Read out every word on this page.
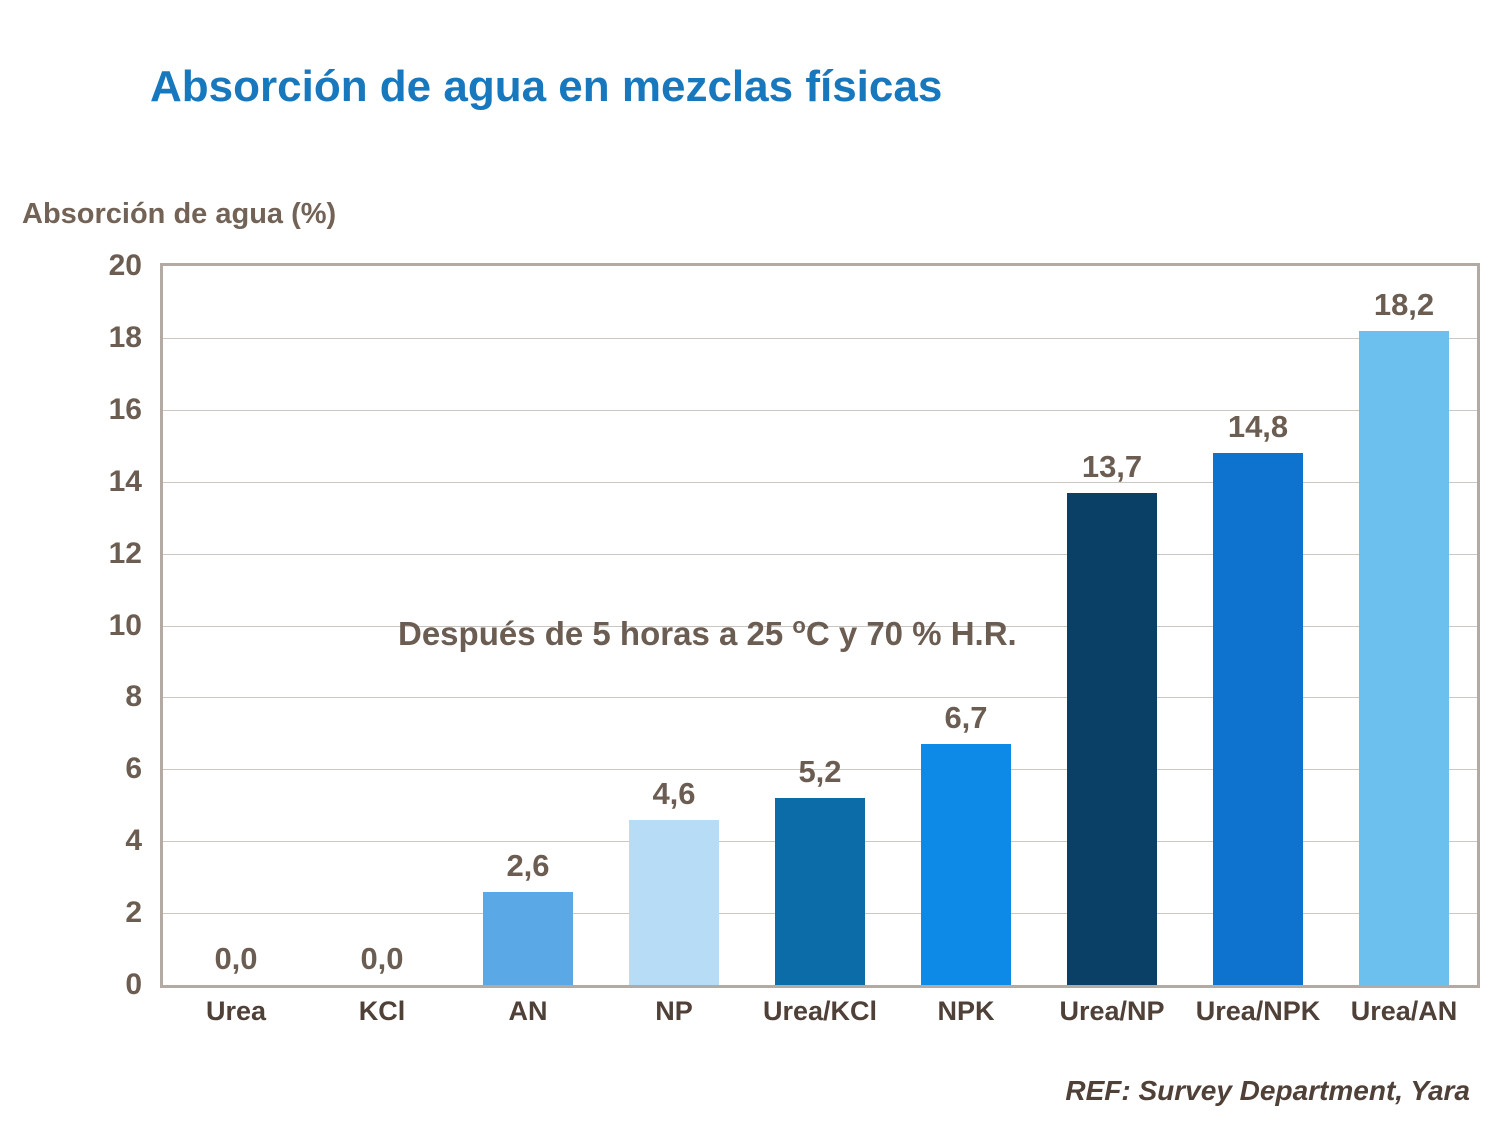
Absorción de agua en mezclas físicas
Absorción de agua (%)
0,0	0,0
2,6
4,6
5,2
6,7
13,7
14,8
18,2
Después de 5 horas a 25 $^o$C y 70 % H.R.
0
2
4
6
8
10
12
14
16
18
20
Urea	KCl	AN	NP	Urea/KCl NPK Urea/NP Urea/NPK Urea/AN
REF: Survey Department, Yara
